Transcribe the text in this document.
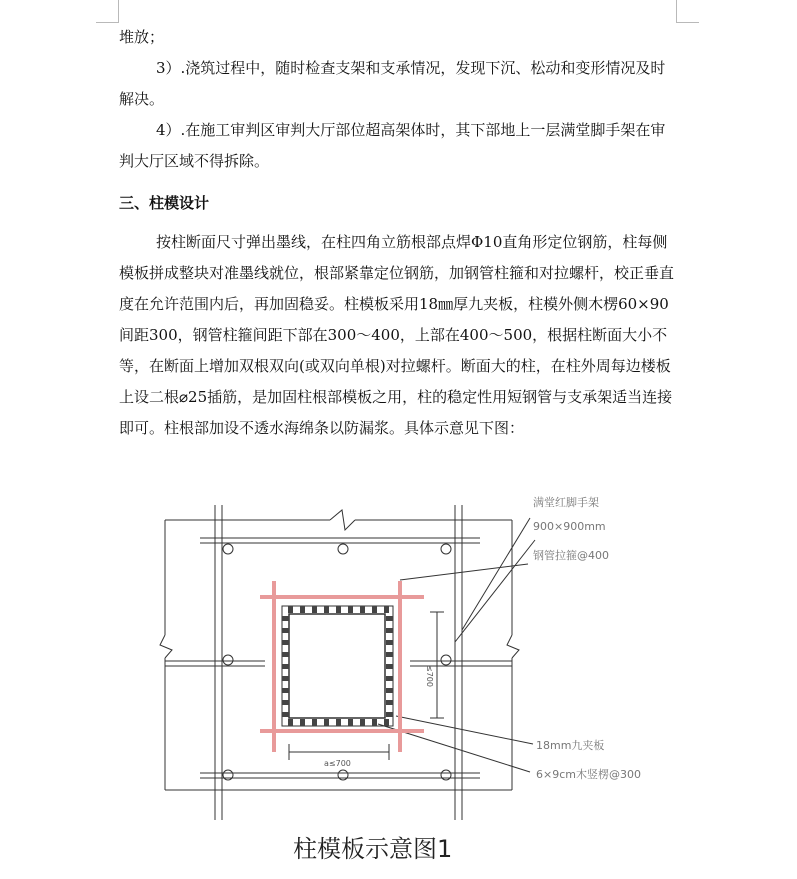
堆放；

3）.浇筑过程中，随时检查支架和支承情况，发现下沉、松动和变形情况及时解决。

4）.在施工审判区审判大厅部位超高架体时，其下部地上一层满堂脚手架在审判大厅区域不得拆除。

三、柱模设计

按柱断面尺寸弹出墨线，在柱四角立筋根部点焊Φ10直角形定位钢筋，柱每侧模板拼成整块对准墨线就位，根部紧靠定位钢筋，加钢管柱箍和对拉螺杆，校正垂直度在允许范围内后，再加固稳妥。柱模板采用18㎜厚九夹板，柱模外侧木楞60×90间距300，钢管柱箍间距下部在300～400，上部在400～500，根据柱断面大小不等，在断面上增加双根双向(或双向单根)对拉螺杆。断面大的柱，在柱外周每边楼板上设二根⌀25插筋，是加固柱根部模板之用，柱的稳定性用短钢管与支承架适当连接即可。柱根部加设不透水海绵条以防漏浆。具体示意见下图：

满堂红脚手架
900×900mm
钢管拉箍@400
18mm九夹板
6×9cm木竖楞@300
≤700
a≤700
柱模板示意图1
